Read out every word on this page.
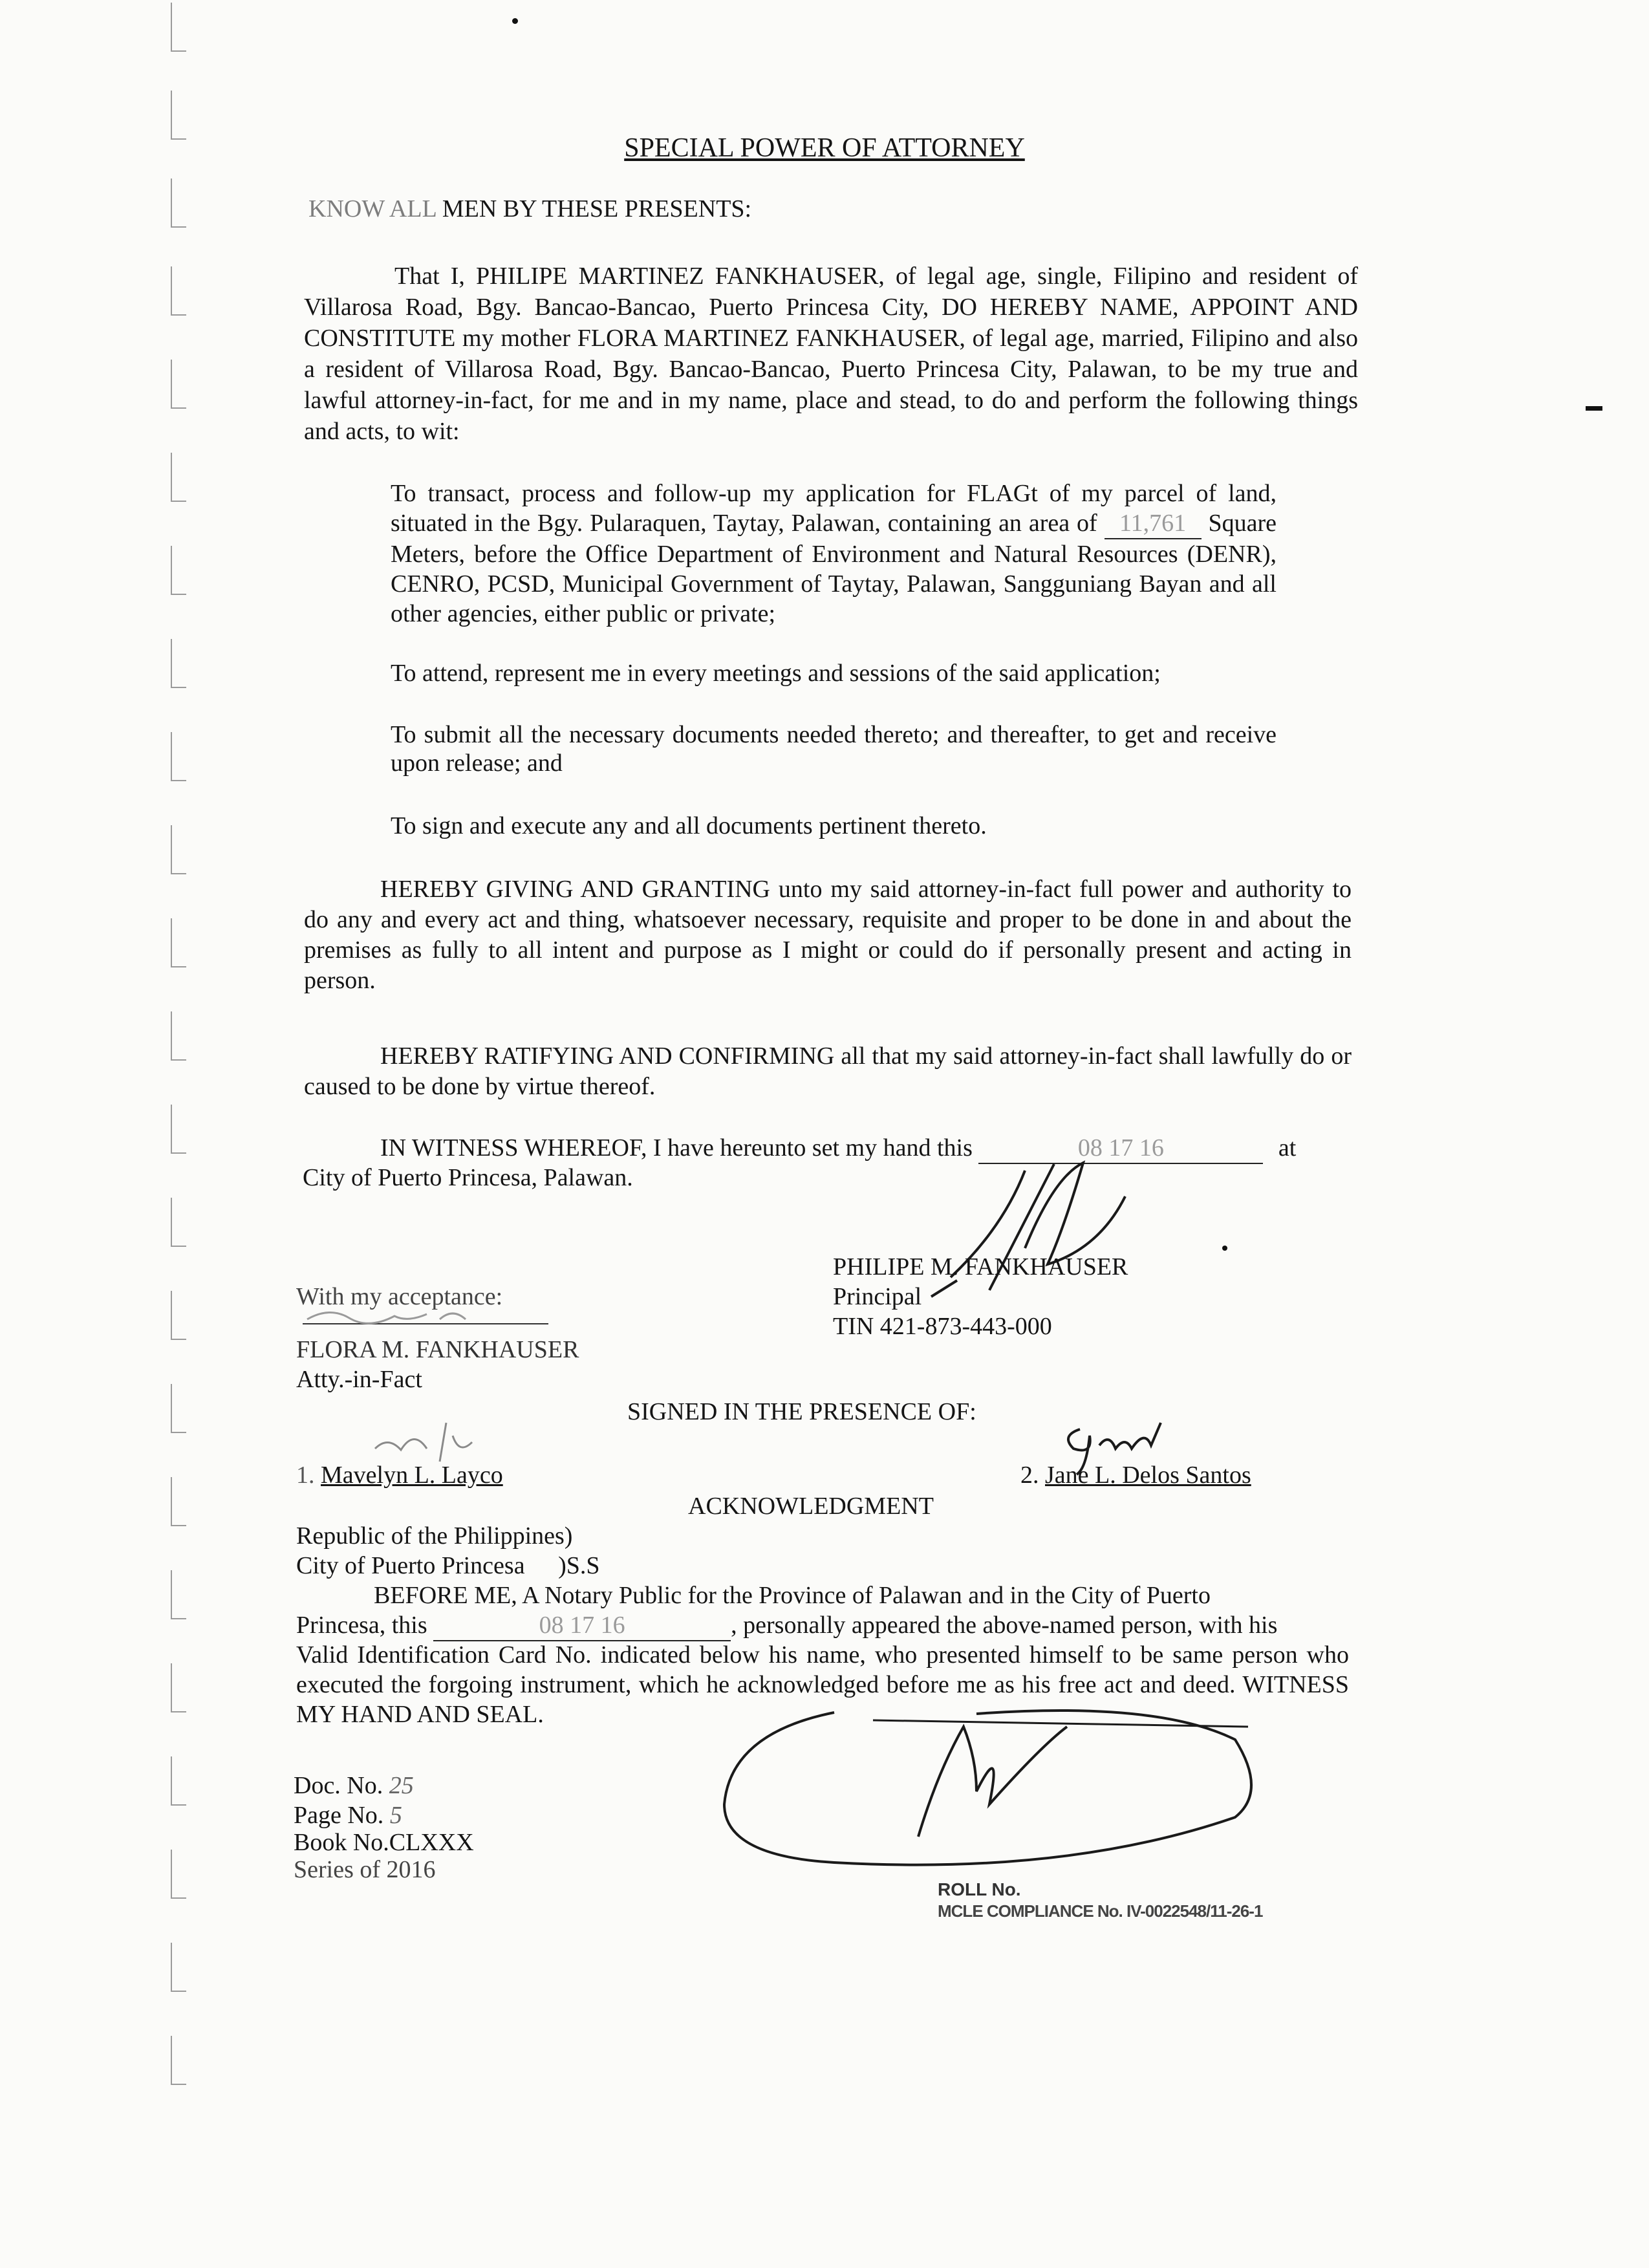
SPECIAL POWER OF ATTORNEY
KNOW ALL MEN BY THESE PRESENTS:

That I, PHILIPE MARTINEZ FANKHAUSER, of legal age, single, Filipino and resident of Villarosa Road, Bgy. Bancao-Bancao, Puerto Princesa City, DO HEREBY NAME, APPOINT AND CONSTITUTE my mother FLORA MARTINEZ FANKHAUSER, of legal age, married, Filipino and also a resident of Villarosa Road, Bgy. Bancao-Bancao, Puerto Princesa City, Palawan, to be my true and lawful attorney-in-fact, for me and in my name, place and stead, to do and perform the following things and acts, to wit:

To transact, process and follow-up my application for FLAGt of my parcel of land, situated in the Bgy. Pularaquen, Taytay, Palawan, containing an area of 11,761 Square Meters, before the Office Department of Environment and Natural Resources (DENR), CENRO, PCSD, Municipal Government of Taytay, Palawan, Sangguniang Bayan and all other agencies, either public or private;

To attend, represent me in every meetings and sessions of the said application;

To submit all the necessary documents needed thereto; and thereafter, to get and receive upon release; and

To sign and execute any and all documents pertinent thereto.

HEREBY GIVING AND GRANTING unto my said attorney-in-fact full power and authority to do any and every act and thing, whatsoever necessary, requisite and proper to be done in and about the premises as fully to all intent and purpose as I might or could do if personally present and acting in person.

HEREBY RATIFYING AND CONFIRMING all that my said attorney-in-fact shall lawfully do or caused to be done by virtue thereof.

IN WITNESS WHEREOF, I have hereunto set my hand this	08 17 16	at
City of Puerto Princesa, Palawan.
PHILIPE M. FANKHAUSER
Principal
TIN 421-873-443-000
With my acceptance:
FLORA M. FANKHAUSER
Atty.-in-Fact
SIGNED IN THE PRESENCE OF:
1. Mavelyn L. Layco	2. Jane L. Delos Santos
ACKNOWLEDGMENT
Republic of the Philippines)
City of Puerto Princesa )S.S
BEFORE ME, A Notary Public for the Province of Palawan and in the City of Puerto
Princesa, this	08 17 16	, personally appeared the above-named person, with his

Valid Identification Card No. indicated below his name, who presented himself to be same person who executed the forgoing instrument, which he acknowledged before me as his free act and deed. WITNESS MY HAND AND SEAL.

ROLL No.
MCLE COMPLIANCE No. IV-0022548/11-26-1
Doc. No. 25
Page No. 5
Book No.CLXXX
Series of 2016
